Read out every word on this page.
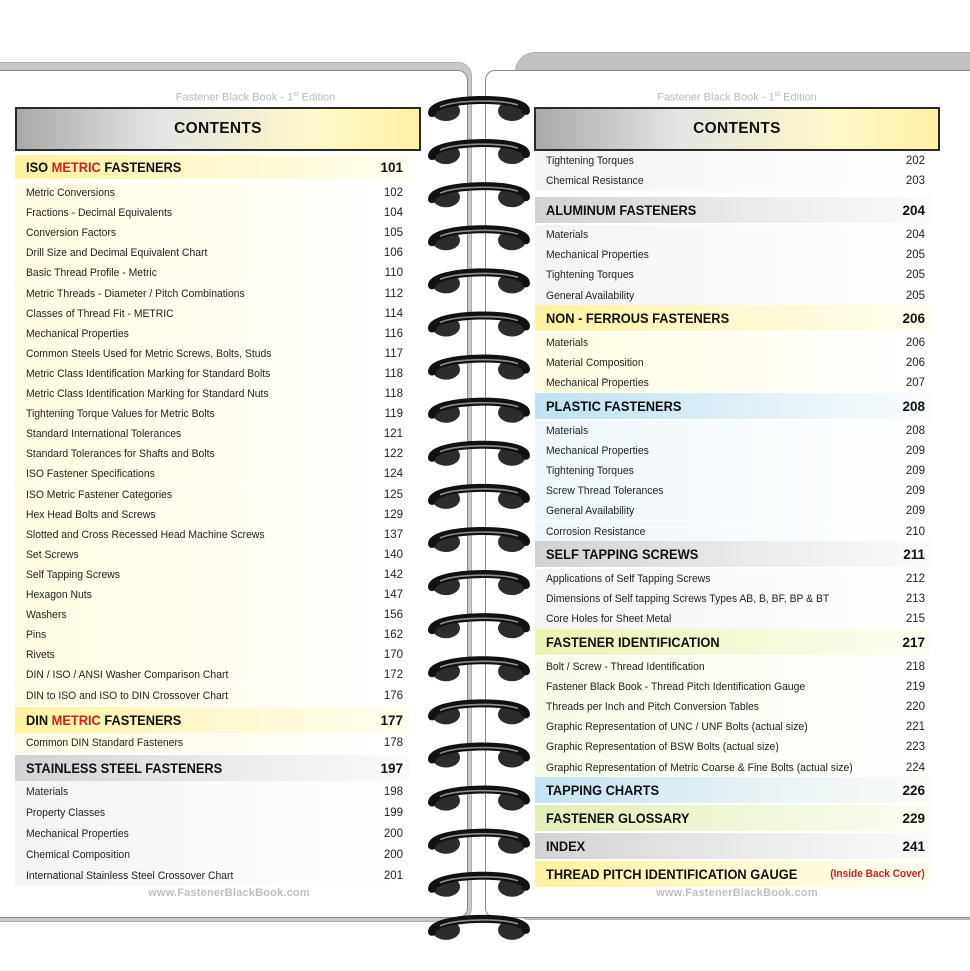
Fastener Black Book - 1st Edition
CONTENTS
ISO METRIC FASTENERS	101
Metric Conversions	102
Fractions - Decimal Equivalents	104
Conversion Factors	105
Drill Size and Decimal Equivalent Chart	106
Basic Thread Profile - Metric	110
Metric Threads - Diameter / Pitch Combinations	112
Classes of Thread Fit - METRIC	114
Mechanical Properties	116
Common Steels Used for Metric Screws, Bolts, Studs	117
Metric Class Identification Marking for Standard Bolts	118
Metric Class Identification Marking for Standard Nuts	118
Tightening Torque Values for Metric Bolts	119
Standard International Tolerances	121
Standard Tolerances for Shafts and Bolts	122
ISO Fastener Specifications	124
ISO Metric Fastener Categories	125
Hex Head Bolts and Screws	129
Slotted and Cross Recessed Head Machine Screws	137
Set Screws	140
Self Tapping Screws	142
Hexagon Nuts	147
Washers	156
Pins	162
Rivets	170
DIN / ISO / ANSI Washer Comparison Chart	172
DIN to ISO and ISO to DIN Crossover Chart	176
DIN METRIC FASTENERS	177
Common DIN Standard Fasteners	178
STAINLESS STEEL FASTENERS	197
Materials	198
Property Classes	199
Mechanical Properties	200
Chemical Composition	200
International Stainless Steel Crossover Chart	201
www.FastenerBlackBook.com
Fastener Black Book - 1st Edition
CONTENTS
Tightening Torques	202
Chemical Resistance	203
ALUMINUM FASTENERS	204
Materials	204
Mechanical Properties	205
Tightening Torques	205
General Availability	205
NON - FERROUS FASTENERS	206
Materials	206
Material Composition	206
Mechanical Properties	207
PLASTIC FASTENERS	208
Materials	208
Mechanical Properties	209
Tightening Torques	209
Screw Thread Tolerances	209
General Availability	209
Corrosion Resistance	210
SELF TAPPING SCREWS	211
Applications of Self Tapping Screws	212
Dimensions of Self tapping Screws Types AB, B, BF, BP & BT	213
Core Holes for Sheet Metal	215
FASTENER IDENTIFICATION	217
Bolt / Screw - Thread Identification	218
Fastener Black Book - Thread Pitch Identification Gauge	219
Threads per Inch and Pitch Conversion Tables	220
Graphic Representation of UNC / UNF Bolts (actual size)	221
Graphic Representation of BSW Bolts (actual size)	223
Graphic Representation of Metric Coarse & Fine Bolts (actual size)	224
TAPPING CHARTS	226
FASTENER GLOSSARY	229
INDEX	241
THREAD PITCH IDENTIFICATION GAUGE	(Inside Back Cover)
www.FastenerBlackBook.com
